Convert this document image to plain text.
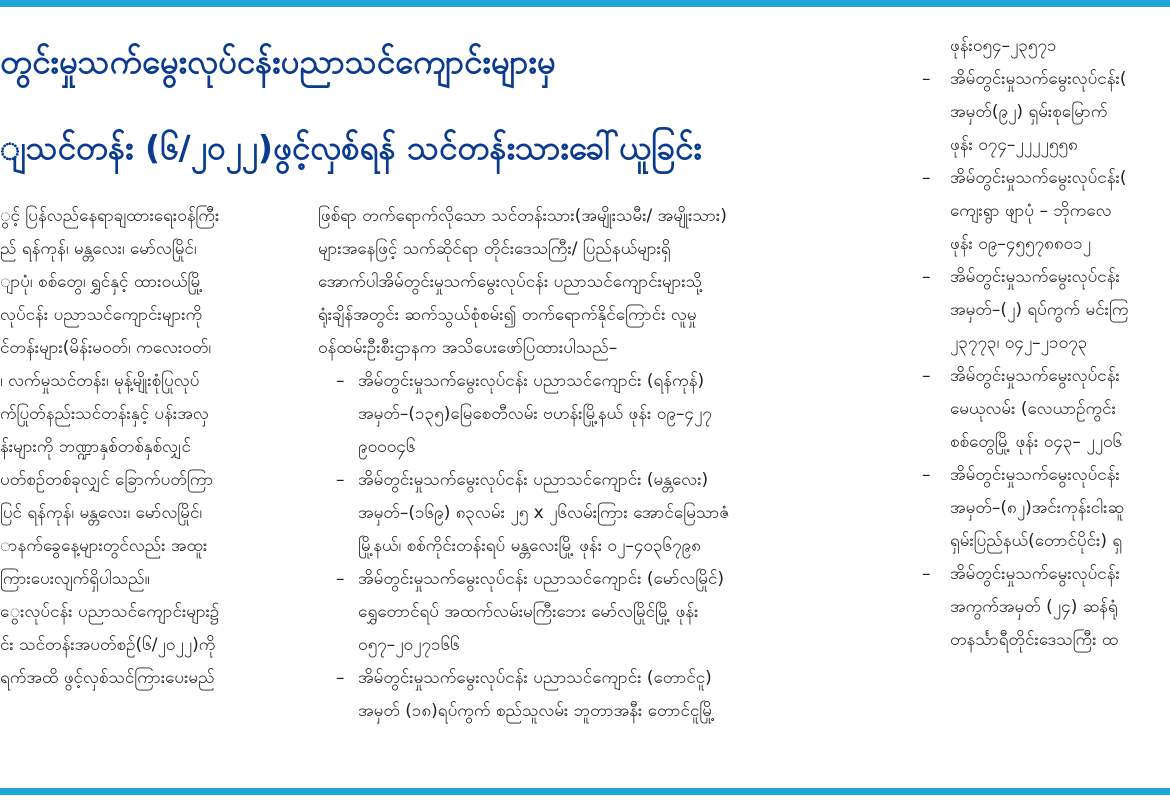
တွင်းမှုသက်မွေးလုပ်ငန်းပညာသင်ကျောင်းများမှ
ျသင်တန်း (၆/၂၀၂၂)ဖွင့်လှစ်ရန် သင်တန်းသားခေါ်ယူခြင်း
ွင့် ပြန်လည်နေရာချထားရေးဝန်ကြီး
ည် ရန်ကုန်၊ မန္တလေး၊ မော်လမြိုင်၊
ျာပုံ၊ စစ်တွေ၊ ရွှင်နှင့် ထားဝယ်မြို့
လုပ်ငန်း ပညာသင်ကျောင်းများကို
င်တန်းများ(မိန်းမဝတ်၊ ကလေးဝတ်၊
၊ လက်မှုသင်တန်း၊ မုန့်မျိုးစုံပြုလုပ်
က်ပြုတ်နည်းသင်တန်းနှင့် ပန်းအလှ
န်းများကို ဘဏ္ဍာနှစ်တစ်နှစ်လျှင်
ပတ်စဉ်တစ်ခုလျှင် ခြောက်ပတ်ကြာ
ပြင် ရန်ကုန်၊ မန္တလေး၊ မော်လမြိုင်၊
ာနက်ခွေနေ့များတွင်လည်း အထူး
ကြားပေးလျက်ရှိပါသည်။
ွေးလုပ်ငန်း ပညာသင်ကျောင်းများ၌
င်း သင်တန်းအပတ်စဉ်(၆/၂၀၂၂)ကို
ရက်အထိ ဖွင့်လှစ်သင်ကြားပေးမည်
ဖြစ်ရာ တက်ရောက်လိုသော သင်တန်းသား(အမျိုးသမီး/ အမျိုးသား)
များအနေဖြင့် သက်ဆိုင်ရာ တိုင်းဒေသကြီး/ ပြည်နယ်များရှိ
အောက်ပါအိမ်တွင်းမှုသက်မွေးလုပ်ငန်း ပညာသင်ကျောင်းများသို့
ရုံးချိန်အတွင်း ဆက်သွယ်စုံစမ်း၍ တက်ရောက်နိုင်ကြောင်း လူမှု
ဝန်ထမ်းဦးစီးဌာနက အသိပေးဖော်ပြထားပါသည်–
– အိမ်တွင်းမှုသက်မွေးလုပ်ငန်း ပညာသင်ကျောင်း (ရန်ကုန်)
အမှတ်–(၁၃၅)မြေစေတီလမ်း ဗဟန်းမြို့နယ် ဖုန်း ၀၉–၄၂၇
၉၀၀၀၄၆
– အိမ်တွင်းမှုသက်မွေးလုပ်ငန်း ပညာသင်ကျောင်း (မန္တလေး)
အမှတ်–(၁၆၉) ၈၃လမ်း ၂၅ x ၂၆လမ်းကြား အောင်မြေသာဇံ
မြို့နယ်၊ စစ်ကိုင်းတန်းရပ် မန္တလေးမြို့ ဖုန်း ၀၂–၄၀၃၆၇၉၈
– အိမ်တွင်းမှုသက်မွေးလုပ်ငန်း ပညာသင်ကျောင်း (မော်လမြိုင်)
ရွှေတောင်ရပ် အထက်လမ်းမကြီးဘေး မော်လမြိုင်မြို့ ဖုန်း
၀၅၇–၂၀၂၇၁၆၆
– အိမ်တွင်းမှုသက်မွေးလုပ်ငန်း ပညာသင်ကျောင်း (တောင်ငူ)
အမှတ် (၁၈)ရပ်ကွက် စည်သူလမ်း ဘူတာအနီး တောင်ငူမြို့
ဖုန်း၀၅၄–၂၃၅၇၁
– အိမ်တွင်းမှုသက်မွေးလုပ်ငန်း(
အမှတ်(၉၂) ရှမ်းစုမြောက်
ဖုန်း ၀၇၄–၂၂၂၂၅၅၈
– အိမ်တွင်းမှုသက်မွေးလုပ်ငန်း(
ကျေးရွာ ဖျာပုံ – ဘိုကလေ
ဖုန်း ၀၉–၄၅၅၇၈၈၀၁၂
– အိမ်တွင်းမှုသက်မွေးလုပ်ငန်း
အမှတ်–(၂) ရပ်ကွက် မင်းကြ
၂၃၇၇၃၊ ၀၄၂–၂၁၀၇၃
– အိမ်တွင်းမှုသက်မွေးလုပ်ငန်း
မေယုလမ်း (လေယာဉ်ကွင်း
စစ်တွေမြို့ ဖုန်း ၀၄၃– ၂၂၀၆
– အိမ်တွင်းမှုသက်မွေးလုပ်ငန်း
အမှတ်–(၈၂)အင်းကုန်းငါးဆူ
ရှမ်းပြည်နယ်(တောင်ပိုင်း) ရှ
– အိမ်တွင်းမှုသက်မွေးလုပ်ငန်း
အကွက်အမှတ် (၂၄) ဆန်ရုံ
တနင်္သာရီတိုင်းဒေသကြီး ထ
